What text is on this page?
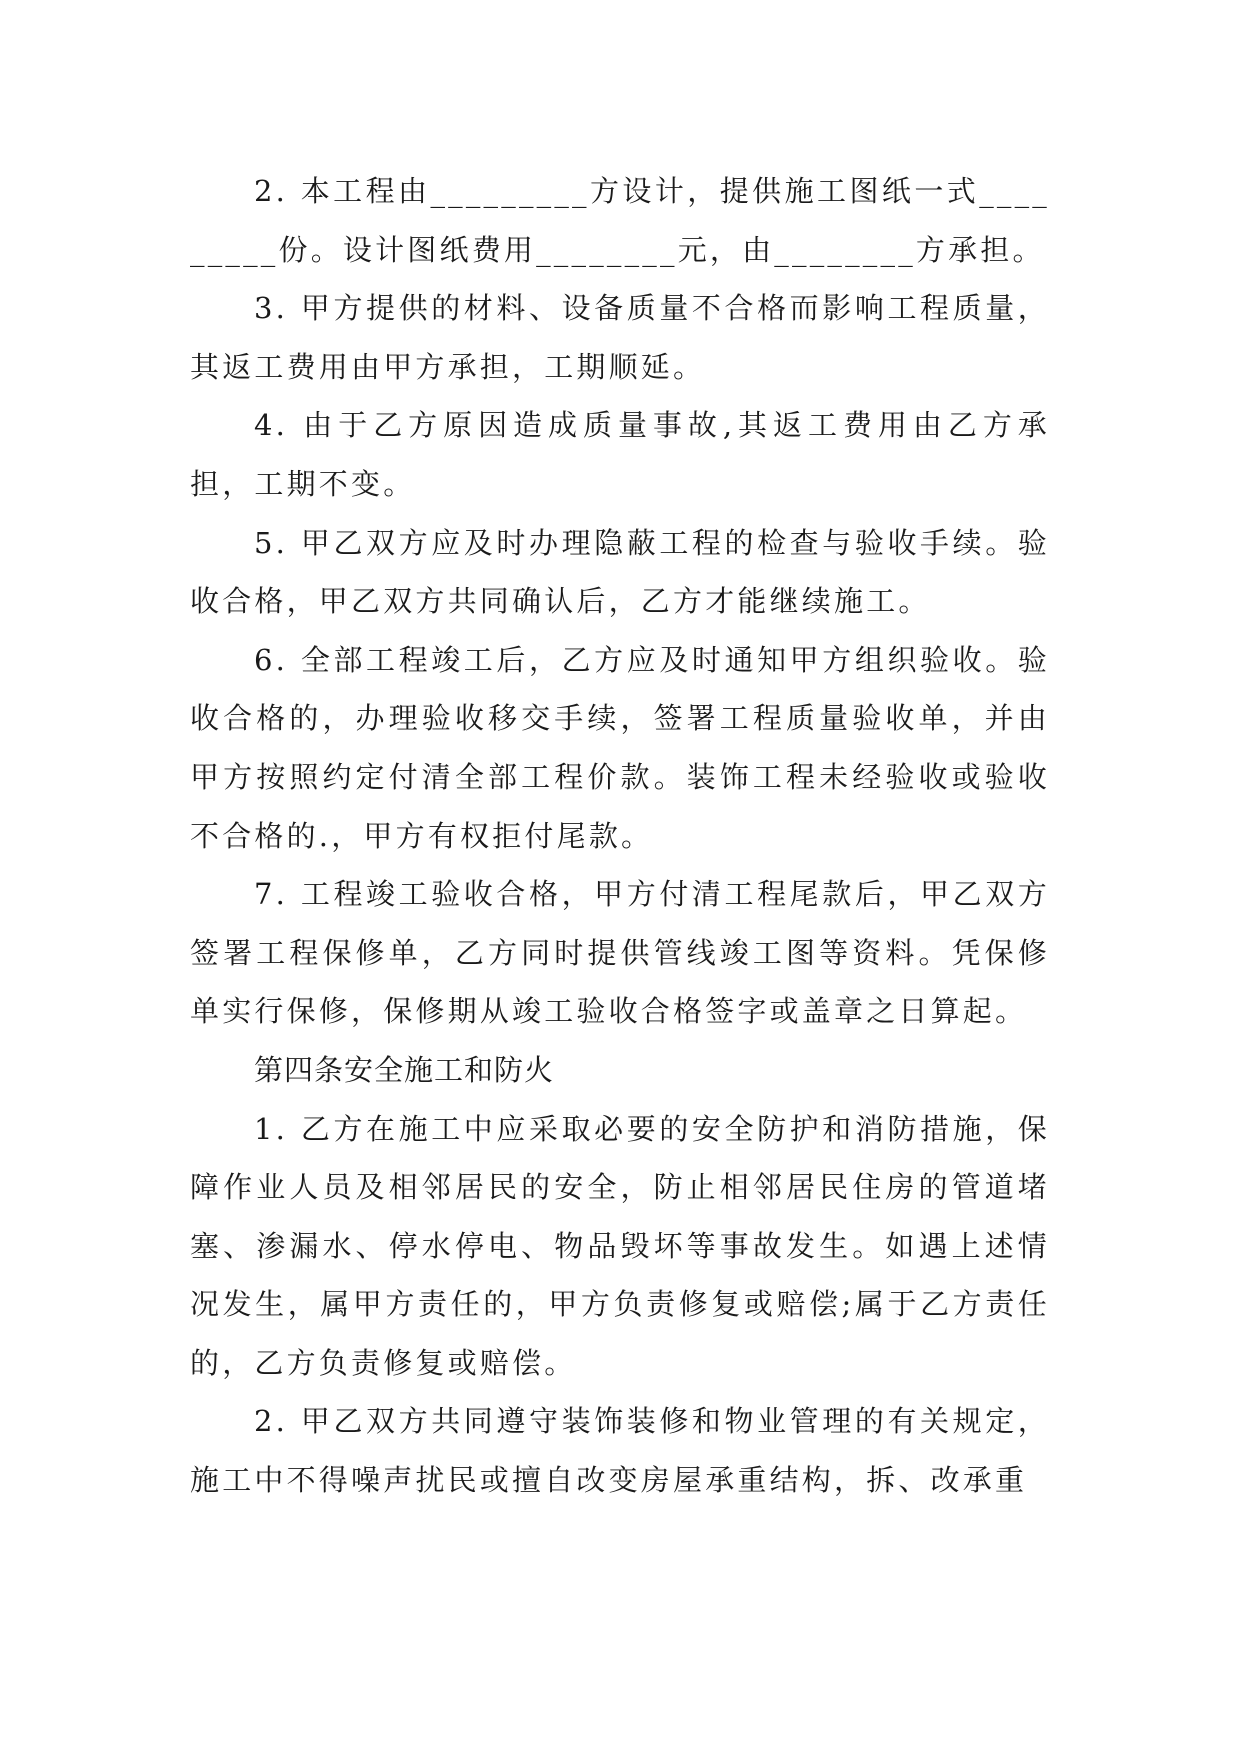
2. 本工程由_________方设计，提供施工图纸一式_________份。设计图纸费用________元，由________方承担。

3. 甲方提供的材料、设备质量不合格而影响工程质量，其返工费用由甲方承担，工期顺延。

4. 由于乙方原因造成质量事故,其返工费用由乙方承担，工期不变。

5. 甲乙双方应及时办理隐蔽工程的检查与验收手续。验收合格，甲乙双方共同确认后，乙方才能继续施工。

6. 全部工程竣工后，乙方应及时通知甲方组织验收。验收合格的，办理验收移交手续，签署工程质量验收单，并由甲方按照约定付清全部工程价款。装饰工程未经验收或验收不合格的.，甲方有权拒付尾款。

7. 工程竣工验收合格，甲方付清工程尾款后，甲乙双方签署工程保修单，乙方同时提供管线竣工图等资料。凭保修单实行保修，保修期从竣工验收合格签字或盖章之日算起。

第四条安全施工和防火

1. 乙方在施工中应采取必要的安全防护和消防措施，保障作业人员及相邻居民的安全，防止相邻居民住房的管道堵塞、渗漏水、停水停电、物品毁坏等事故发生。如遇上述情况发生，属甲方责任的，甲方负责修复或赔偿;属于乙方责任的，乙方负责修复或赔偿。

2. 甲乙双方共同遵守装饰装修和物业管理的有关规定，施工中不得噪声扰民或擅自改变房屋承重结构，拆、改承重
